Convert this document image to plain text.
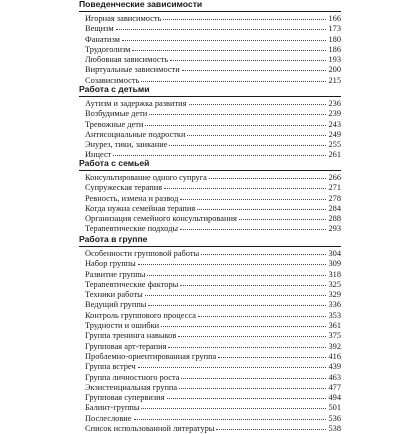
Поведенческие зависимости
Игорная зависимость	166
Вещизм	173
Фанатизм	180
Трудоголизм	186
Любовная зависимость	193
Виртуальные зависимости	200
Созависимость	215
Работа с детьми
Аутизм и задержка развития	236
Возбудимые дети	239
Тревожные дети	243
Антисоциальные подростки	249
Энурез, тики, заикание	255
Инцест	261
Работа с семьей
Консультирование одного супруга	266
Супружеская терапия	271
Ревность, измена и развод	278
Когда нужна семейная терапия	284
Организация семейного консультирования	288
Терапевтические подходы	293
Работа в группе
Особенности групповой работы	304
Набор группы	309
Развитие группы	318
Терапевтические факторы	325
Техники работы	329
Ведущий группы	336
Контроль группового процесса	353
Трудности и ошибки	361
Группа тренинга навыков	375
Групповая арт-терапия	392
Проблемно-ориентированная группа	416
Группа встреч	439
Группа личностного роста	463
Экзистенциальная группа	477
Групповая супервизия	494
Балинт-группы	501
Послесловие	536
Список использованной литературы	538
